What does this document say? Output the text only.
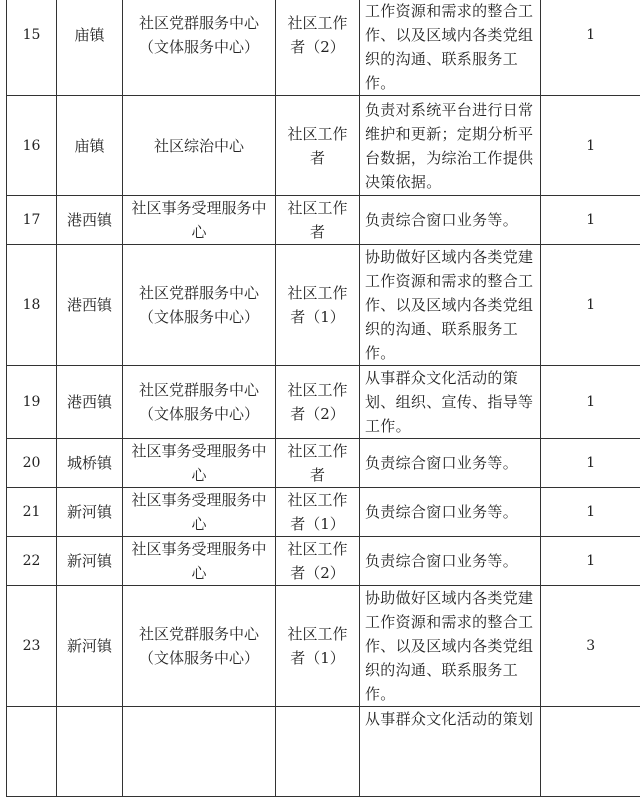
15	庙镇	社区党群服务中心（文体服务中心）	社区工作者（2）	工作资源和需求的整合工作、以及区域内各类党组织的沟通、联系服务工作。	1
16	庙镇	社区综治中心	社区工作者	负责对系统平台进行日常维护和更新；定期分析平台数据，为综治工作提供决策依据。	1
17	港西镇	社区事务受理服务中心	社区工作者	负责综合窗口业务等。	1
18	港西镇	社区党群服务中心（文体服务中心）	社区工作者（1）	协助做好区域内各类党建工作资源和需求的整合工作、以及区域内各类党组织的沟通、联系服务工作。	1
19	港西镇	社区党群服务中心（文体服务中心）	社区工作者（2）	从事群众文化活动的策划、组织、宣传、指导等工作。	1
20	城桥镇	社区事务受理服务中心	社区工作者	负责综合窗口业务等。	1
21	新河镇	社区事务受理服务中心	社区工作者（1）	负责综合窗口业务等。	1
22	新河镇	社区事务受理服务中心	社区工作者（2）	负责综合窗口业务等。	1
23	新河镇	社区党群服务中心（文体服务中心）	社区工作者（1）	协助做好区域内各类党建工作资源和需求的整合工作、以及区域内各类党组织的沟通、联系服务工作。	3
				从事群众文化活动的策划	
